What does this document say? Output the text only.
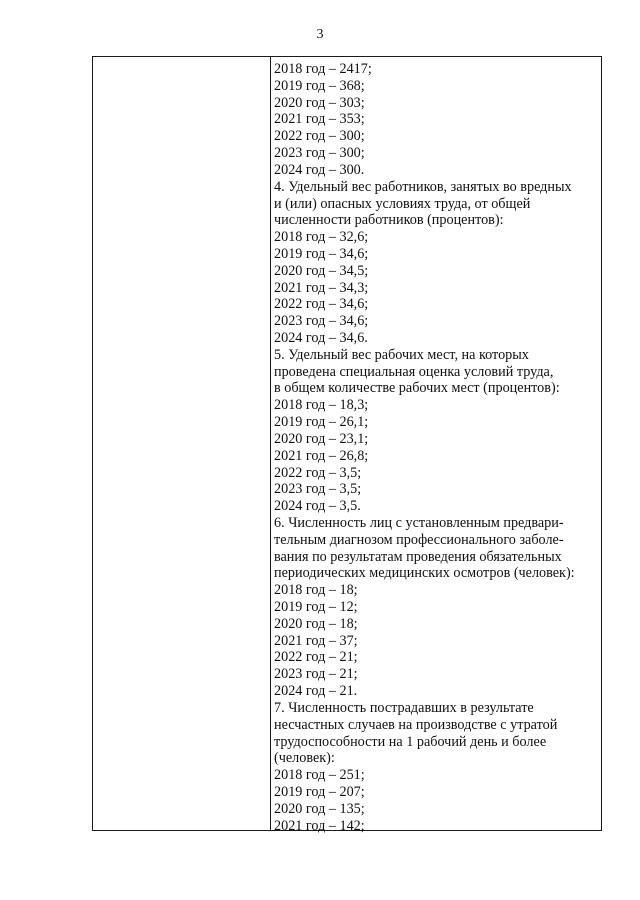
3
2018 год – 2417;
2019 год – 368;
2020 год – 303;
2021 год – 353;
2022 год – 300;
2023 год – 300;
2024 год – 300.
4. Удельный вес работников, занятых во вредных
и (или) опасных условиях труда, от общей
численности работников (процентов):
2018 год – 32,6;
2019 год – 34,6;
2020 год – 34,5;
2021 год – 34,3;
2022 год – 34,6;
2023 год – 34,6;
2024 год – 34,6.
5. Удельный вес рабочих мест, на которых
проведена специальная оценка условий труда,
в общем количестве рабочих мест (процентов):
2018 год – 18,3;
2019 год – 26,1;
2020 год – 23,1;
2021 год – 26,8;
2022 год – 3,5;
2023 год – 3,5;
2024 год – 3,5.
6. Численность лиц с установленным предвари-
тельным диагнозом профессионального заболе-
вания по результатам проведения обязательных
периодических медицинских осмотров (человек):
2018 год – 18;
2019 год – 12;
2020 год – 18;
2021 год – 37;
2022 год – 21;
2023 год – 21;
2024 год – 21.
7. Численность пострадавших в результате
несчастных случаев на производстве с утратой
трудоспособности на 1 рабочий день и более
(человек):
2018 год – 251;
2019 год – 207;
2020 год – 135;
2021 год – 142;
